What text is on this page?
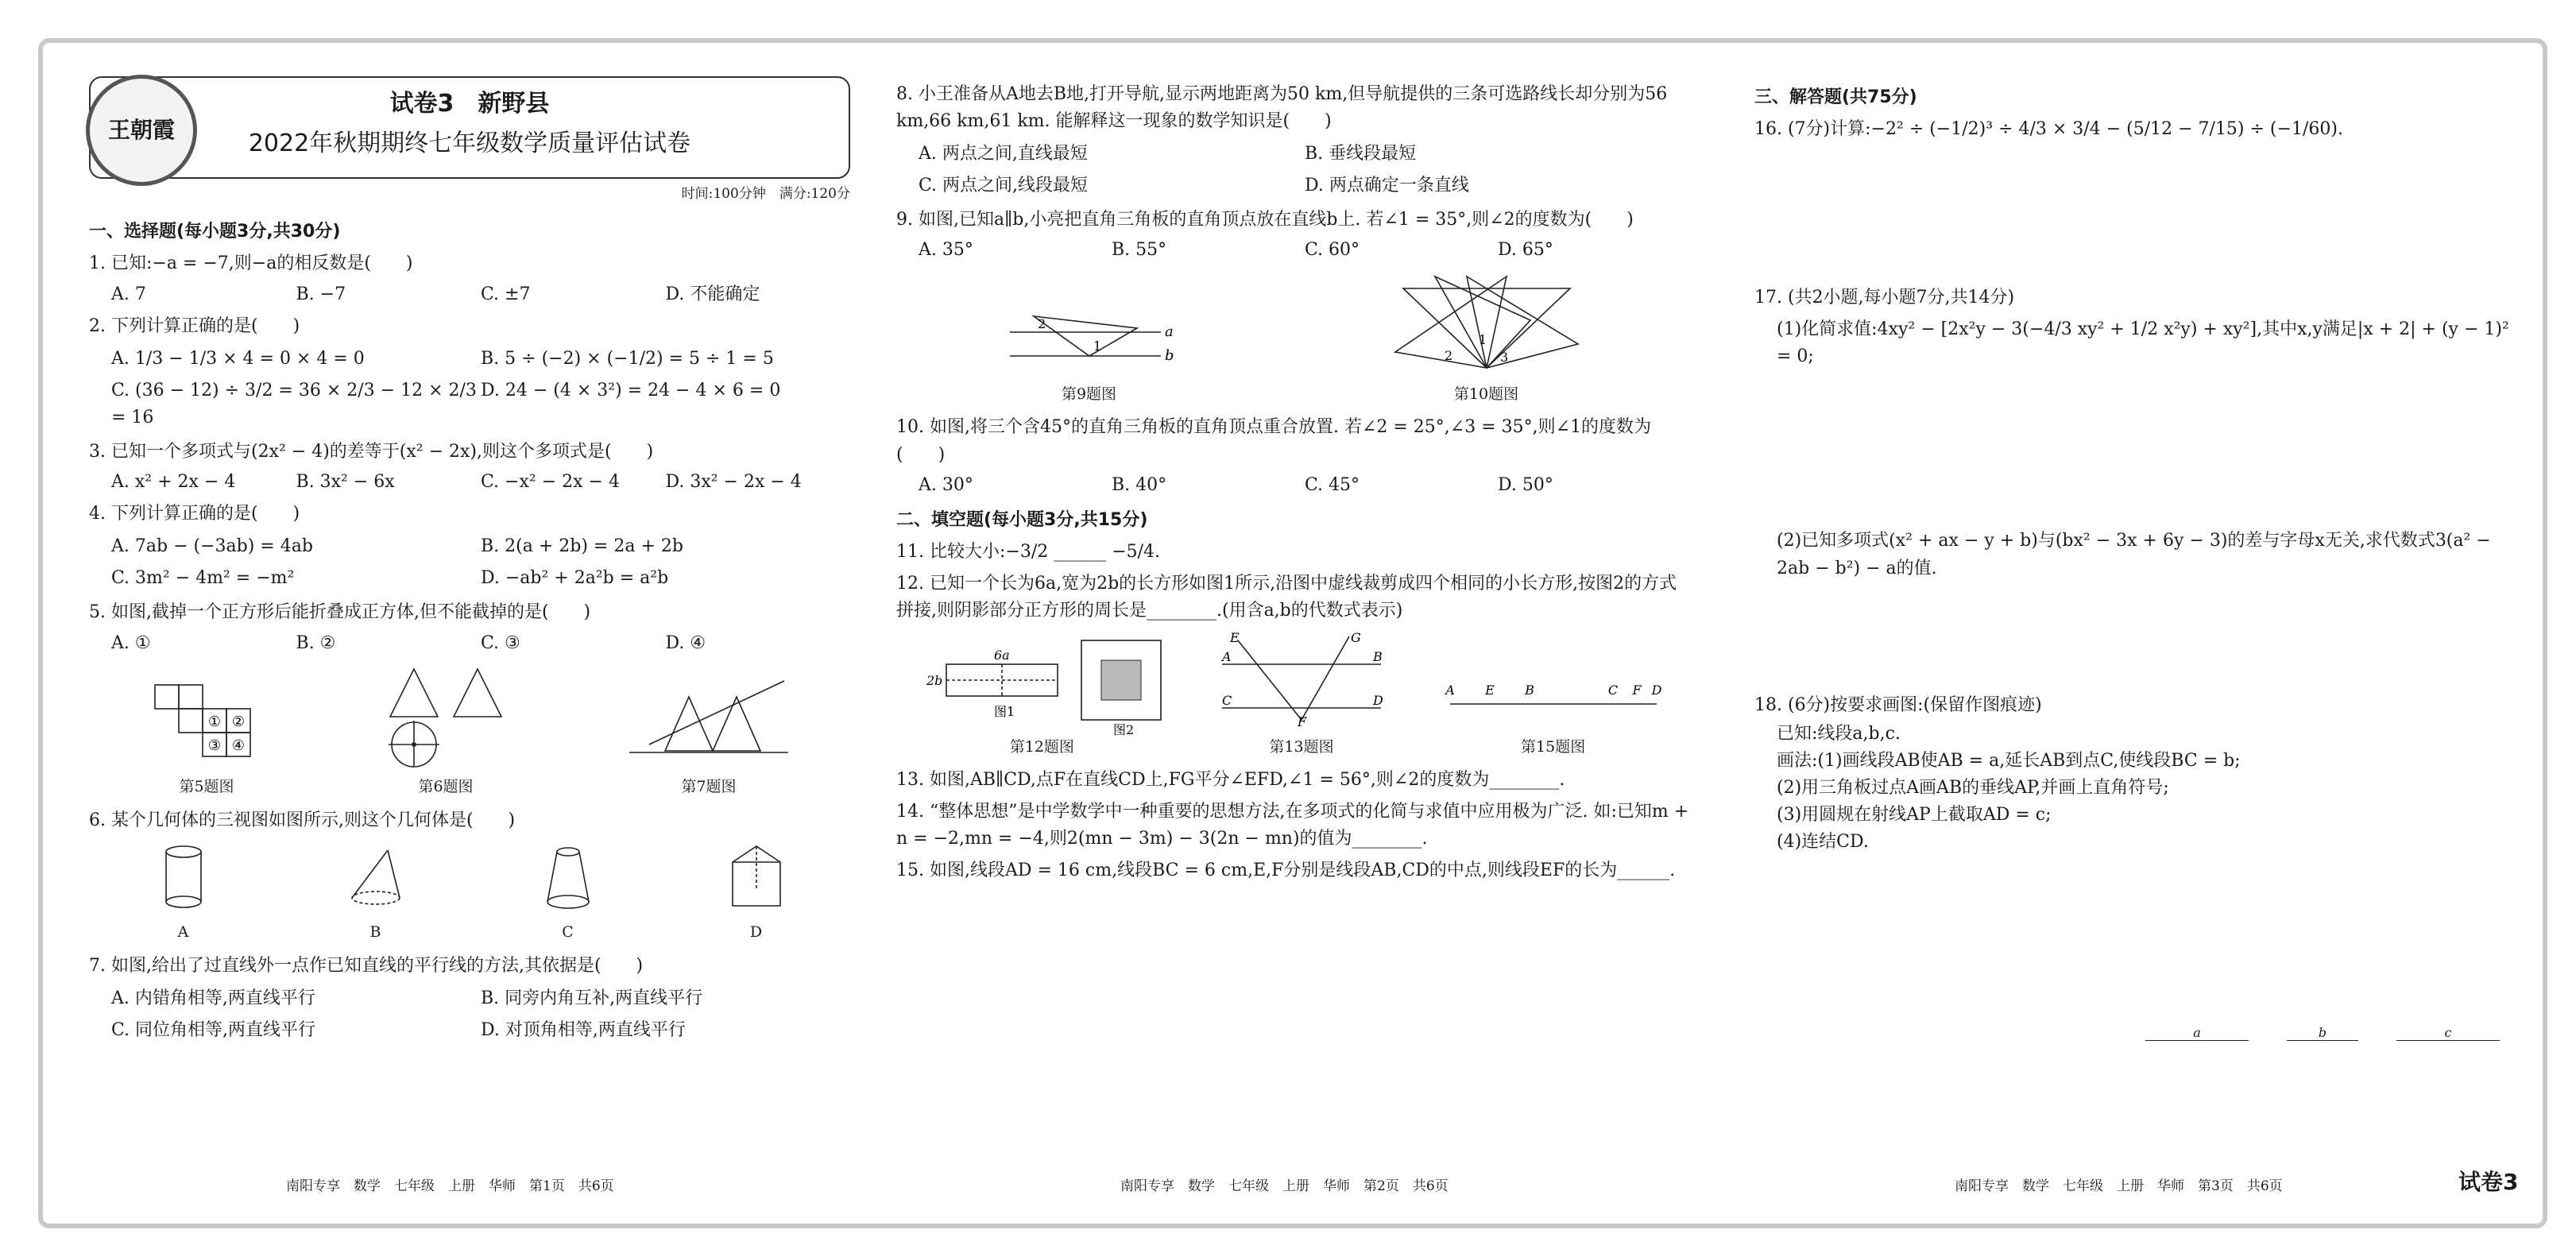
王朝霞
试卷3　新野县
2022年秋期期终七年级数学质量评估试卷
时间:100分钟　满分:120分
一、选择题(每小题3分,共30分)
1. 已知:−a = −7,则−a的相反数是(　　)
A. 7	B. −7	C. ±7	D. 不能确定
2. 下列计算正确的是(　　)
A. 1/3 − 1/3 × 4 = 0 × 4 = 0	B. 5 ÷ (−2) × (−1/2) = 5 ÷ 1 = 5
C. (36 − 12) ÷ 3/2 = 36 × 2/3 − 12 × 2/3 = 16
D. 24 − (4 × 3²) = 24 − 4 × 6 = 0
3. 已知一个多项式与(2x² − 4)的差等于(x² − 2x),则这个多项式是(　　)
A. x² + 2x − 4	B. 3x² − 6x	C. −x² − 2x − 4	D. 3x² − 2x − 4
4. 下列计算正确的是(　　)
A. 7ab − (−3ab) = 4ab	B. 2(a + 2b) = 2a + 2b
C. 3m² − 4m² = −m²	D. −ab² + 2a²b = a²b
5. 如图,截掉一个正方形后能折叠成正方体,但不能截掉的是(　　)
A. ①	B. ②	C. ③	D. ④
① ②
③ ④
第5题图	第6题图	第7题图
6. 某个几何体的三视图如图所示,则这个几何体是(　　)
A	B	C	D
7. 如图,给出了过直线外一点作已知直线的平行线的方法,其依据是(　　)
A. 内错角相等,两直线平行	B. 同旁内角互补,两直线平行
C. 同位角相等,两直线平行	D. 对顶角相等,两直线平行
8. 小王准备从A地去B地,打开导航,显示两地距离为50 km,但导航提供的三条可选路线长却分别为56 km,66 km,61 km. 能解释这一现象的数学知识是(　　)
A. 两点之间,直线最短	B. 垂线段最短
C. 两点之间,线段最短	D. 两点确定一条直线
9. 如图,已知a∥b,小亮把直角三角板的直角顶点放在直线b上. 若∠1 = 35°,则∠2的度数为(　　)
A. 35°	B. 55°	C. 60°	D. 65°
a
b
2
1
第9题图
2
1
3
第10题图
10. 如图,将三个含45°的直角三角板的直角顶点重合放置. 若∠2 = 25°,∠3 = 35°,则∠1的度数为(　　)
A. 30°	B. 40°	C. 45°	D. 50°
二、填空题(每小题3分,共15分)
11. 比较大小:−3/2 ______ −5/4.
12. 已知一个长为6a,宽为2b的长方形如图1所示,沿图中虚线裁剪成四个相同的小长方形,按图2的方式拼接,则阴影部分正方形的周长是________.(用含a,b的代数式表示)
6a
2b
图1
图2
第12题图
A	B
C	D
E
F
G
第13题图
A E B	C F D
第15题图
13. 如图,AB∥CD,点F在直线CD上,FG平分∠EFD,∠1 = 56°,则∠2的度数为________.
14. “整体思想”是中学数学中一种重要的思想方法,在多项式的化简与求值中应用极为广泛. 如:已知m + n = −2,mn = −4,则2(mn − 3m) − 3(2n − mn)的值为________.
15. 如图,线段AD = 16 cm,线段BC = 6 cm,E,F分别是线段AB,CD的中点,则线段EF的长为______.
三、解答题(共75分)
16. (7分)计算:−2² ÷ (−1/2)³ ÷ 4/3 × 3/4 − (5/12 − 7/15) ÷ (−1/60).
17. (共2小题,每小题7分,共14分)
(1)化简求值:4xy² − [2x²y − 3(−4/3 xy² + 1/2 x²y) + xy²],其中x,y满足|x + 2| + (y − 1)² = 0;
(2)已知多项式(x² + ax − y + b)与(bx² − 3x + 6y − 3)的差与字母x无关,求代数式3(a² − 2ab − b²) − a的值.
18. (6分)按要求画图:(保留作图痕迹)
已知:线段a,b,c.
画法:(1)画线段AB使AB = a,延长AB到点C,使线段BC = b;
(2)用三角板过点A画AB的垂线AP,并画上直角符号;
(3)用圆规在射线AP上截取AD = c;
(4)连结CD.
a	b	c
南阳专享　数学　七年级　上册　华师　第1页　共6页	南阳专享　数学　七年级　上册　华师　第2页　共6页	南阳专享　数学　七年级　上册　华师　第3页　共6页	试卷3
